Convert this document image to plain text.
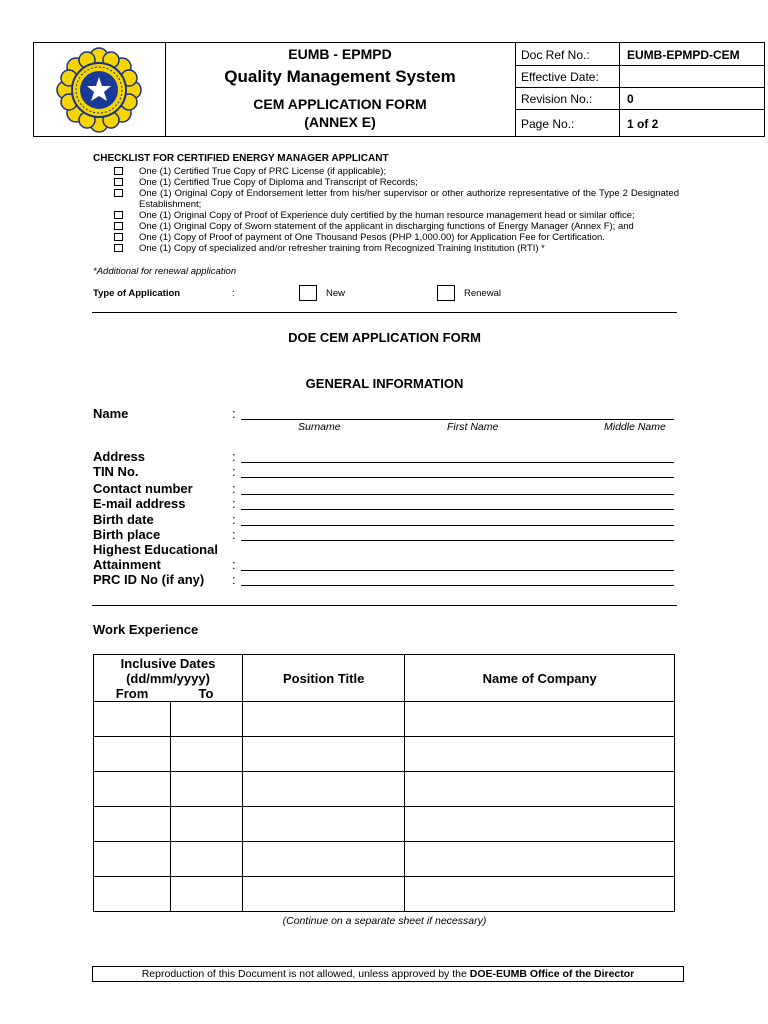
EUMB - EPMPD
Quality Management System
CEM APPLICATION FORM
(ANNEX E)
Doc Ref No.:	EUMB-EPMPD-CEM
Effective Date:
Revision No.:	0
Page No.:	1 of 2
CHECKLIST FOR CERTIFIED ENERGY MANAGER APPLICANT
One (1) Certified True Copy of PRC License (if applicable);
One (1) Certified True Copy of Diploma and Transcript of Records;
One (1) Original Copy of Endorsement letter from his/her supervisor or other authorize representative of the Type 2 Designated Establishment;
One (1) Original Copy of Proof of Experience duly certified by the human resource management head or similar office;
One (1) Original Copy of Sworn statement of the applicant in discharging functions of Energy Manager (Annex F); and
One (1) Copy of Proof of payment of One Thousand Pesos (PHP 1,000.00) for Application Fee for Certification.
One (1) Copy of specialized and/or refresher training from Recognized Training Institution (RTI) *
*Additional for renewal application
Type of Application	:	New	Renewal
DOE CEM APPLICATION FORM
GENERAL INFORMATION
Name	:
Surname	First Name	Middle Name
Address	:
TIN No.	:
Contact number	:
E-mail address	:
Birth date	:
Birth place	:
Highest Educational
Attainment	:
PRC ID No (if any) :
Work Experience
Inclusive Dates
(dd/mm/yyyy)
From To		Position Title	Name of Company

(Continue on a separate sheet if necessary)
Reproduction of this Document is not allowed, unless approved by the DOE-EUMB Office of the Director
